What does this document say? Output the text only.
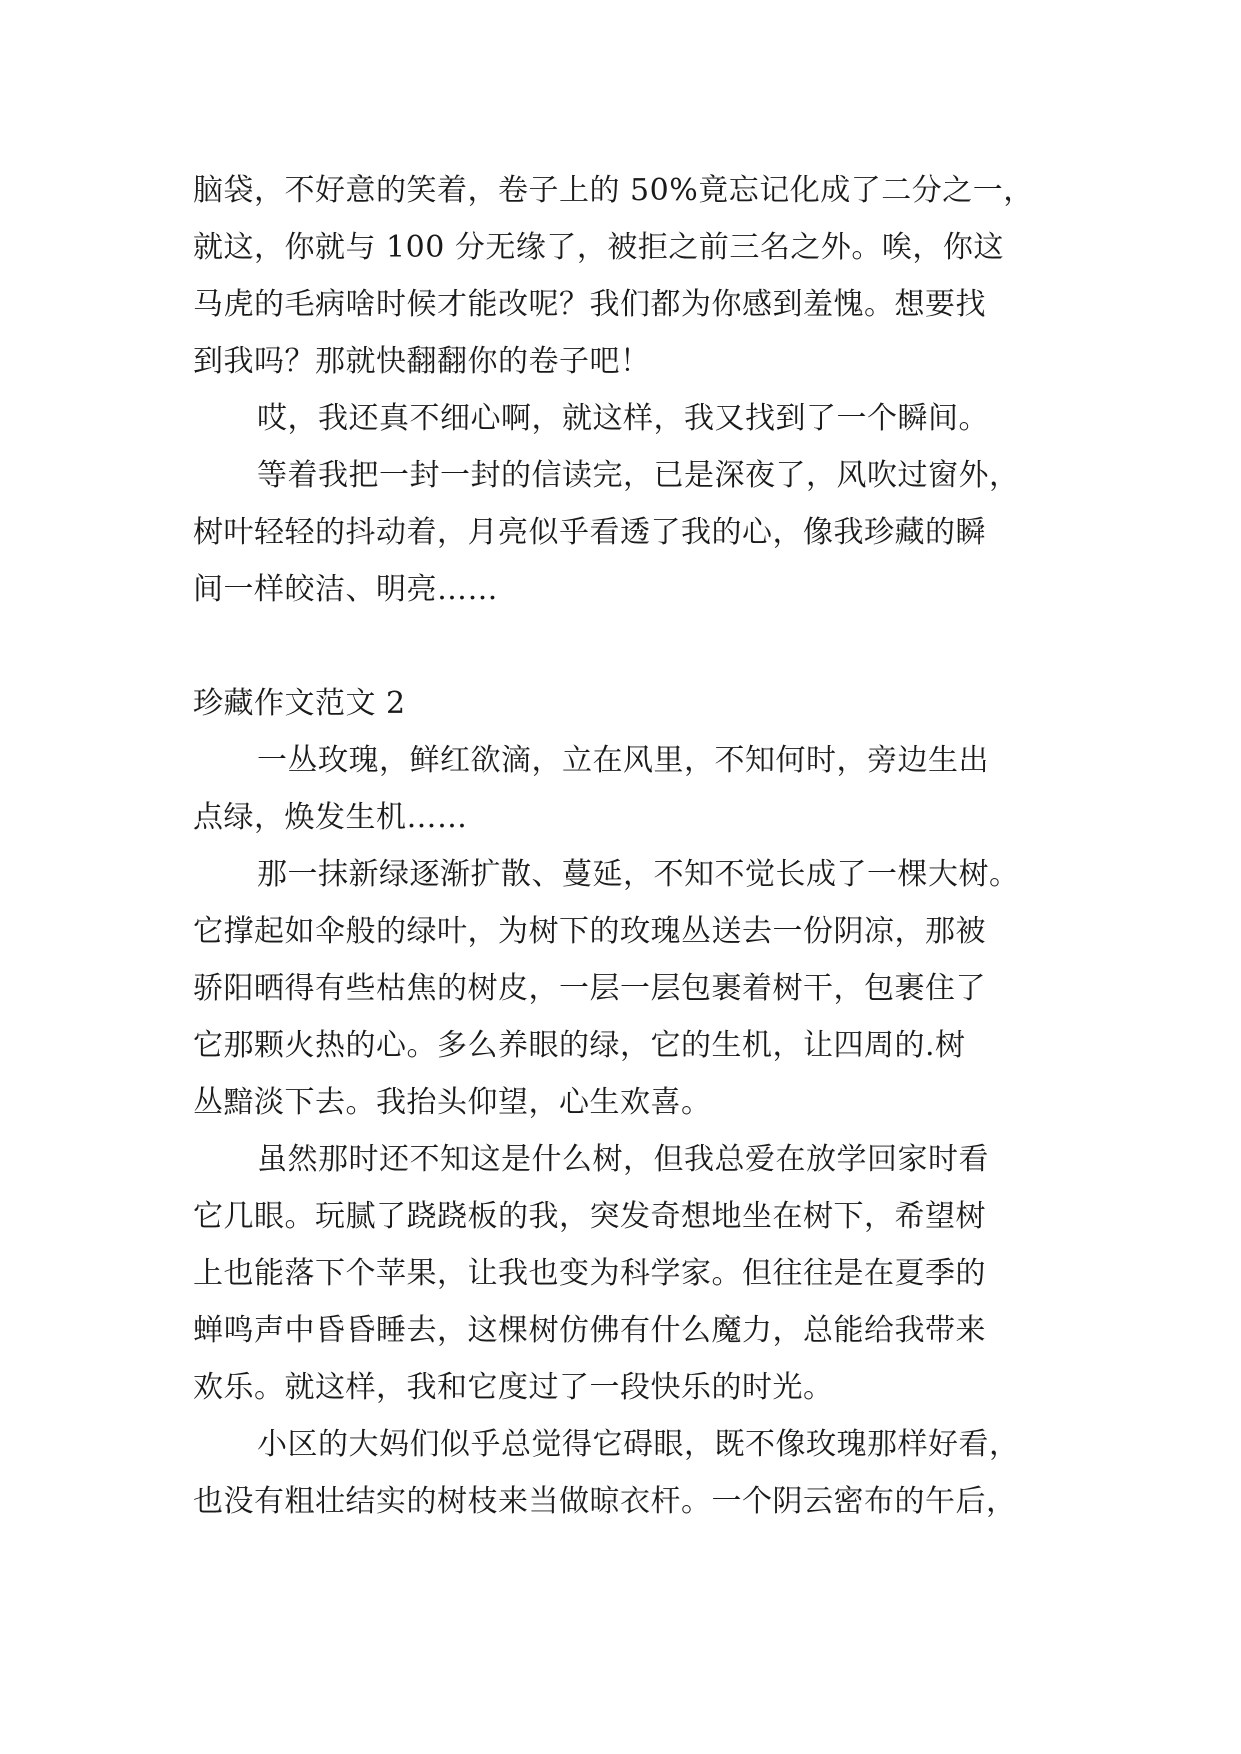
脑袋，不好意的笑着，卷子上的 50%竟忘记化成了二分之一，
就这，你就与 100 分无缘了，被拒之前三名之外。唉，你这
马虎的毛病啥时候才能改呢？我们都为你感到羞愧。想要找
到我吗？那就快翻翻你的卷子吧！
哎，我还真不细心啊，就这样，我又找到了一个瞬间。
等着我把一封一封的信读完，已是深夜了，风吹过窗外，
树叶轻轻的抖动着，月亮似乎看透了我的心，像我珍藏的瞬
间一样皎洁、明亮……
珍藏作文范文 2
一丛玫瑰，鲜红欲滴，立在风里，不知何时，旁边生出
点绿，焕发生机……
那一抹新绿逐渐扩散、蔓延，不知不觉长成了一棵大树。
它撑起如伞般的绿叶，为树下的玫瑰丛送去一份阴凉，那被
骄阳晒得有些枯焦的树皮，一层一层包裹着树干，包裹住了
它那颗火热的心。多么养眼的绿，它的生机，让四周的.树
丛黯淡下去。我抬头仰望，心生欢喜。
虽然那时还不知这是什么树，但我总爱在放学回家时看
它几眼。玩腻了跷跷板的我，突发奇想地坐在树下，希望树
上也能落下个苹果，让我也变为科学家。但往往是在夏季的
蝉鸣声中昏昏睡去，这棵树仿佛有什么魔力，总能给我带来
欢乐。就这样，我和它度过了一段快乐的时光。
小区的大妈们似乎总觉得它碍眼，既不像玫瑰那样好看，
也没有粗壮结实的树枝来当做晾衣杆。一个阴云密布的午后，
